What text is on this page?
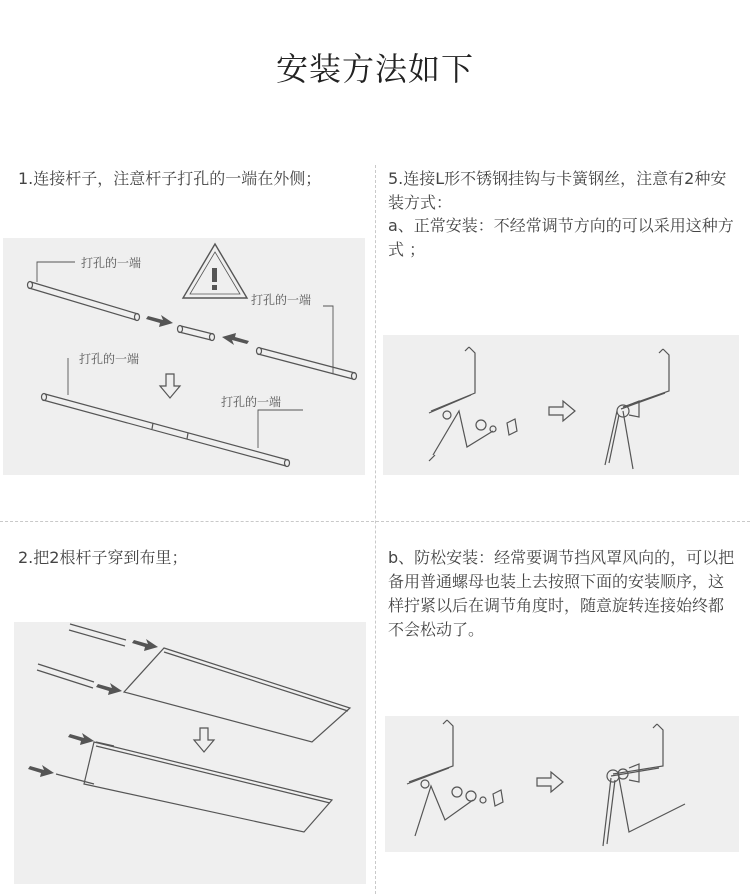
安装方法如下
1.连接杆子，注意杆子打孔的一端在外侧；	5.连接L形不锈钢挂钩与卡簧钢丝，注意有2种安装方式：
a、正常安装：不经常调节方向的可以采用这种方式 ；
2.把2根杆子穿到布里；	b、防松安装：经常要调节挡风罩风向的，可以把备用普通螺母也装上去按照下面的安装顺序，这样拧紧以后在调节角度时，随意旋转连接始终都不会松动了。
打孔的一端
打孔的一端
打孔的一端
打孔的一端
